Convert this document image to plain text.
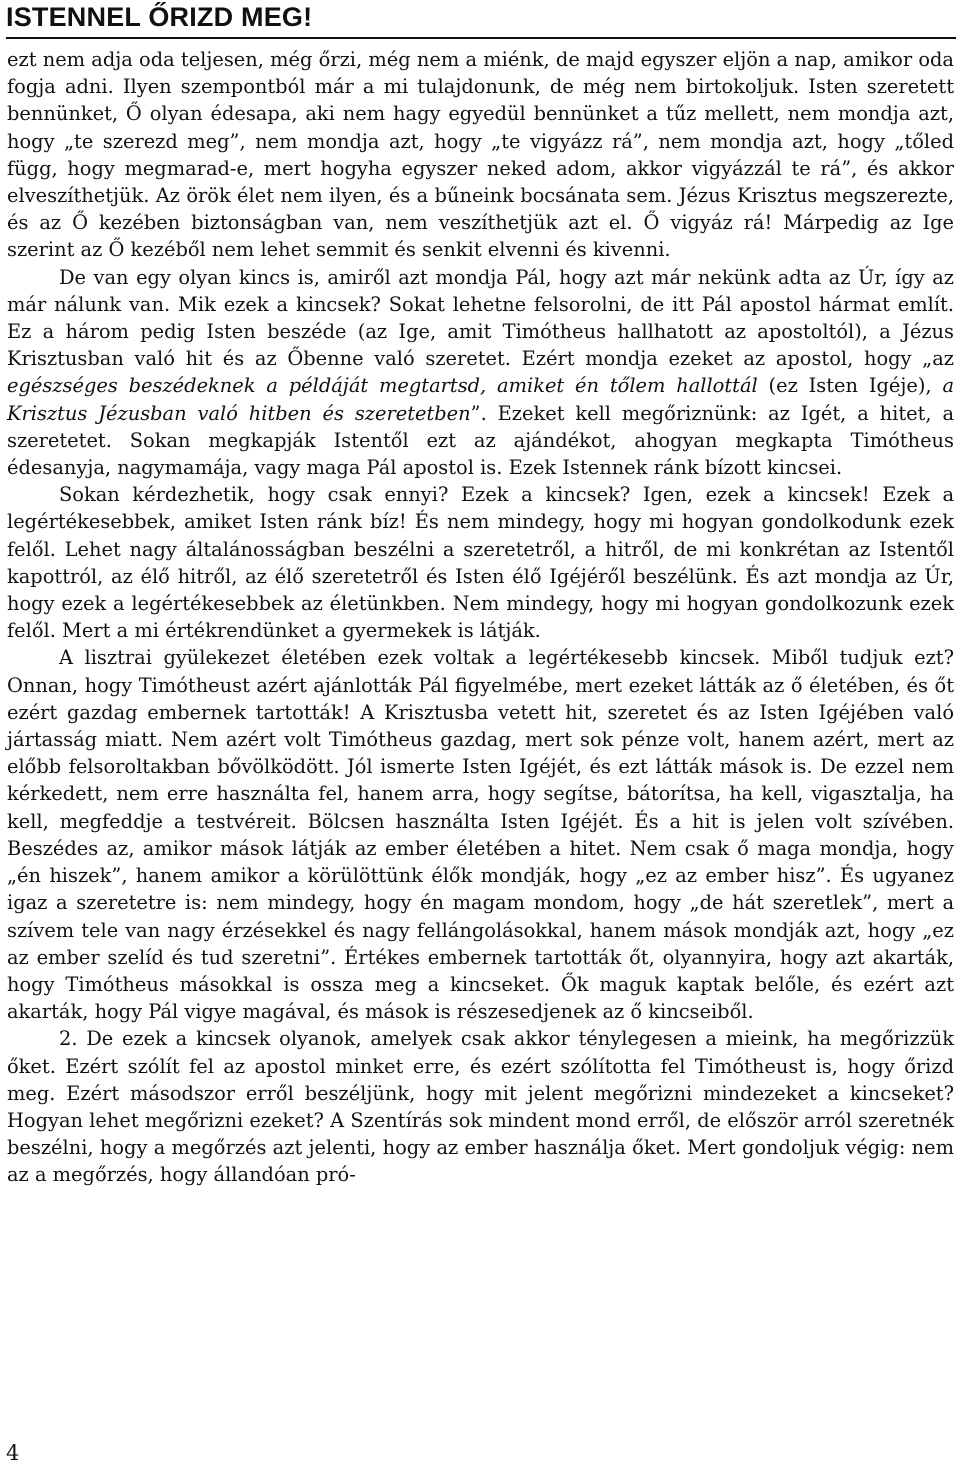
ISTENNEL ŐRIZD MEG!

ezt nem adja oda teljesen, még őrzi, még nem a miénk, de majd egyszer eljön a nap, amikor oda fogja adni. Ilyen szempontból már a mi tulajdonunk, de még nem birtokoljuk. Isten szeretett bennünket, Ő olyan édesapa, aki nem hagy egyedül bennünket a tűz mellett, nem mondja azt, hogy „te szerezd meg”, nem mondja azt, hogy „te vigyázz rá”, nem mondja azt, hogy „tőled függ, hogy megmarad-e, mert hogyha egyszer neked adom, akkor vigyázzál te rá”, és akkor elveszíthetjük. Az örök élet nem ilyen, és a bűneink bocsánata sem. Jézus Krisztus megszerezte, és az Ő kezében biztonságban van, nem veszíthetjük azt el. Ő vigyáz rá! Márpedig az Ige szerint az Ő kezéből nem lehet semmit és senkit elvenni és kivenni.

De van egy olyan kincs is, amiről azt mondja Pál, hogy azt már nekünk adta az Úr, így az már nálunk van. Mik ezek a kincsek? Sokat lehetne felsorolni, de itt Pál apostol hármat említ. Ez a három pedig Isten beszéde (az Ige, amit Timótheus hallhatott az apostoltól), a Jézus Krisztusban való hit és az Őbenne való szeretet. Ezért mondja ezeket az apostol, hogy „az egészséges beszédeknek a példáját megtartsd, amiket én tőlem hallottál (ez Isten Igéje), a Krisztus Jézusban való hitben és szeretetben”. Ezeket kell megőriznünk: az Igét, a hitet, a szeretetet. Sokan megkapják Istentől ezt az ajándékot, ahogyan megkapta Timótheus édesanyja, nagymamája, vagy maga Pál apostol is. Ezek Istennek ránk bízott kincsei.

Sokan kérdezhetik, hogy csak ennyi? Ezek a kincsek? Igen, ezek a kincsek! Ezek a legértékesebbek, amiket Isten ránk bíz! És nem mindegy, hogy mi hogyan gondolkodunk ezek felől. Lehet nagy általánosságban beszélni a szeretetről, a hitről, de mi konkrétan az Istentől kapottról, az élő hitről, az élő szeretetről és Isten élő Igéjéről beszélünk. És azt mondja az Úr, hogy ezek a legértékesebbek az életünkben. Nem mindegy, hogy mi hogyan gondolkozunk ezek felől. Mert a mi értékrendünket a gyermekek is látják.

A lisztrai gyülekezet életében ezek voltak a legértékesebb kincsek. Miből tudjuk ezt? Onnan, hogy Timótheust azért ajánlották Pál figyelmébe, mert ezeket látták az ő életében, és őt ezért gazdag embernek tartották! A Krisztusba vetett hit, szeretet és az Isten Igéjében való jártasság miatt. Nem azért volt Timótheus gazdag, mert sok pénze volt, hanem azért, mert az előbb felsoroltakban bővölködött. Jól ismerte Isten Igéjét, és ezt látták mások is. De ezzel nem kérkedett, nem erre használta fel, hanem arra, hogy segítse, bátorítsa, ha kell, vigasztalja, ha kell, megfeddje a testvéreit. Bölcsen használta Isten Igéjét. És a hit is jelen volt szívében. Beszédes az, amikor mások látják az ember életében a hitet. Nem csak ő maga mondja, hogy „én hiszek”, hanem amikor a körülöttünk élők mondják, hogy „ez az ember hisz”. És ugyanez igaz a szeretetre is: nem mindegy, hogy én magam mondom, hogy „de hát szeretlek”, mert a szívem tele van nagy érzésekkel és nagy fellángolásokkal, hanem mások mondják azt, hogy „ez az ember szelíd és tud szeretni”. Értékes embernek tartották őt, olyannyira, hogy azt akarták, hogy Timótheus másokkal is ossza meg a kincseket. Ők maguk kaptak belőle, és ezért azt akarták, hogy Pál vigye magával, és mások is részesedjenek az ő kincseiből.

2. De ezek a kincsek olyanok, amelyek csak akkor ténylegesen a mieink, ha megőrizzük őket. Ezért szólít fel az apostol minket erre, és ezért szólította fel Timótheust is, hogy őrizd meg. Ezért másodszor erről beszéljünk, hogy mit jelent megőrizni mindezeket a kincseket? Hogyan lehet megőrizni ezeket? A Szentírás sok mindent mond erről, de először arról szeretnék beszélni, hogy a megőrzés azt jelenti, hogy az ember használja őket. Mert gondoljuk végig: nem az a megőrzés, hogy állandóan pró-

4
